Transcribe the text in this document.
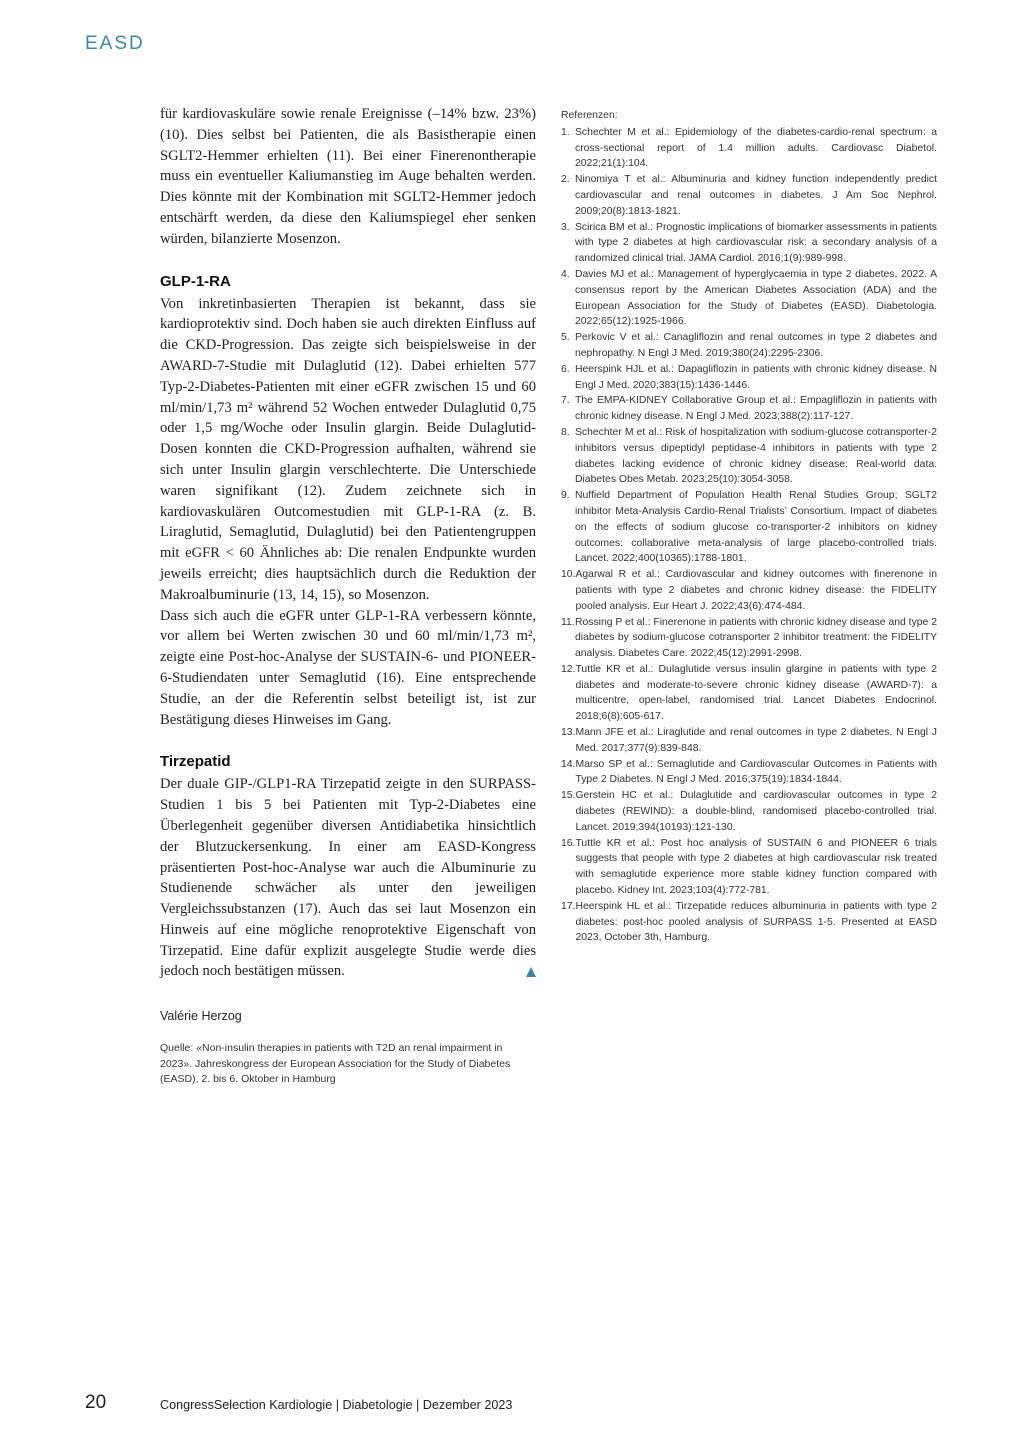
EASD

für kardiovaskuläre sowie renale Ereignisse (–14% bzw. 23%) (10). Dies selbst bei Patienten, die als Basistherapie einen SGLT2-Hemmer erhielten (11). Bei einer Finerenontherapie muss ein eventueller Kaliumanstieg im Auge behalten werden. Dies könnte mit der Kombination mit SGLT2-Hemmer jedoch entschärft werden, da diese den Kaliumspiegel eher senken würden, bilanzierte Mosenzon.

GLP-1-RA

Von inkretinbasierten Therapien ist bekannt, dass sie kardioprotektiv sind. Doch haben sie auch direkten Einfluss auf die CKD-Progression. Das zeigte sich beispielsweise in der AWARD-7-Studie mit Dulaglutid (12). Dabei erhielten 577 Typ-2-Diabetes-Patienten mit einer eGFR zwischen 15 und 60 ml/min/1,73 m² während 52 Wochen entweder Dulaglutid 0,75 oder 1,5 mg/Woche oder Insulin glargin. Beide Dulaglutid-Dosen konnten die CKD-Progression aufhalten, während sie sich unter Insulin glargin verschlechterte. Die Unterschiede waren signifikant (12). Zudem zeichnete sich in kardiovaskulären Outcomestudien mit GLP-1-RA (z. B. Liraglutid, Semaglutid, Dulaglutid) bei den Patientengruppen mit eGFR < 60 Ähnliches ab: Die renalen Endpunkte wurden jeweils erreicht; dies hauptsächlich durch die Reduktion der Makroalbuminurie (13, 14, 15), so Mosenzon.

Dass sich auch die eGFR unter GLP-1-RA verbessern könnte, vor allem bei Werten zwischen 30 und 60 ml/min/1,73 m², zeigte eine Post-hoc-Analyse der SUSTAIN-6- und PIONEER-6-Studiendaten unter Semaglutid (16). Eine entsprechende Studie, an der die Referentin selbst beteiligt ist, ist zur Bestätigung dieses Hinweises im Gang.

Tirzepatid

Der duale GIP-/GLP1-RA Tirzepatid zeigte in den SURPASS-Studien 1 bis 5 bei Patienten mit Typ-2-Diabetes eine Überlegenheit gegenüber diversen Antidiabetika hinsichtlich der Blutzuckersenkung. In einer am EASD-Kongress präsentierten Post-hoc-Analyse war auch die Albuminurie zu Studienende schwächer als unter den jeweiligen Vergleichssubstanzen (17). Auch das sei laut Mosenzon ein Hinweis auf eine mögliche renoprotektive Eigenschaft von Tirzepatid. Eine dafür explizit ausgelegte Studie werde dies jedoch noch bestätigen müssen.

Valérie Herzog

Quelle: «Non-insulin therapies in patients with T2D an renal impairment in 2023». Jahreskongress der European Association for the Study of Diabetes (EASD), 2. bis 6. Oktober in Hamburg

Referenzen:
1. Schechter M et al.: Epidemiology of the diabetes-cardio-renal spectrum: a cross-sectional report of 1.4 million adults. Cardiovasc Diabetol. 2022;21(1):104.
2. Ninomiya T et al.: Albuminuria and kidney function independently predict cardiovascular and renal outcomes in diabetes. J Am Soc Nephrol. 2009;20(8):1813-1821.
3. Scirica BM et al.: Prognostic implications of biomarker assessments in patients with type 2 diabetes at high cardiovascular risk: a secondary analysis of a randomized clinical trial. JAMA Cardiol. 2016;1(9):989-998.
4. Davies MJ et al.: Management of hyperglycaemia in type 2 diabetes, 2022. A consensus report by the American Diabetes Association (ADA) and the European Association for the Study of Diabetes (EASD). Diabetologia. 2022;65(12):1925-1966.
5. Perkovic V et al.: Canagliflozin and renal outcomes in type 2 diabetes and nephropathy. N Engl J Med. 2019;380(24):2295-2306.
6. Heerspink HJL et al.: Dapagliflozin in patients with chronic kidney disease. N Engl J Med. 2020;383(15):1436-1446.
7. The EMPA-KIDNEY Collaborative Group et al.: Empagliflozin in patients with chronic kidney disease. N Engl J Med. 2023;388(2):117-127.
8. Schechter M et al.: Risk of hospitalization with sodium-glucose cotransporter-2 inhibitors versus dipeptidyl peptidase-4 inhibitors in patients with type 2 diabetes lacking evidence of chronic kidney disease: Real-world data. Diabetes Obes Metab. 2023;25(10):3054-3058.
9. Nuffield Department of Population Health Renal Studies Group; SGLT2 inhibitor Meta-Analysis Cardio-Renal Trialists’ Consortium. Impact of diabetes on the effects of sodium glucose co-transporter-2 inhibitors on kidney outcomes: collaborative meta-analysis of large placebo-controlled trials. Lancet. 2022;400(10365):1788-1801.
10. Agarwal R et al.: Cardiovascular and kidney outcomes with finerenone in patients with type 2 diabetes and chronic kidney disease: the FIDELITY pooled analysis. Eur Heart J. 2022;43(6):474-484.
11. Rossing P et al.: Finerenone in patients with chronic kidney disease and type 2 diabetes by sodium-glucose cotransporter 2 inhibitor treatment: the FIDELITY analysis. Diabetes Care. 2022;45(12):2991-2998.
12. Tuttle KR et al.: Dulaglutide versus insulin glargine in patients with type 2 diabetes and moderate-to-severe chronic kidney disease (AWARD-7): a multicentre, open-label, randomised trial. Lancet Diabetes Endocrinol. 2018;6(8):605-617.
13. Mann JFE et al.: Liraglutide and renal outcomes in type 2 diabetes. N Engl J Med. 2017;377(9):839-848.
14. Marso SP et al.: Semaglutide and Cardiovascular Outcomes in Patients with Type 2 Diabetes. N Engl J Med. 2016;375(19):1834-1844.
15. Gerstein HC et al.: Dulaglutide and cardiovascular outcomes in type 2 diabetes (REWIND): a double-blind, randomised placebo-controlled trial. Lancet. 2019;394(10193):121-130.
16. Tuttle KR et al.: Post hoc analysis of SUSTAIN 6 and PIONEER 6 trials suggests that people with type 2 diabetes at high cardiovascular risk treated with semaglutide experience more stable kidney function compared with placebo. Kidney Int. 2023;103(4):772-781.
17. Heerspink HL et al.: Tirzepatide reduces albuminuria in patients with type 2 diabetes: post-hoc pooled analysis of SURPASS 1-5. Presented at EASD 2023, October 3th, Hamburg.
20	CongressSelection Kardiologie | Diabetologie | Dezember 2023
